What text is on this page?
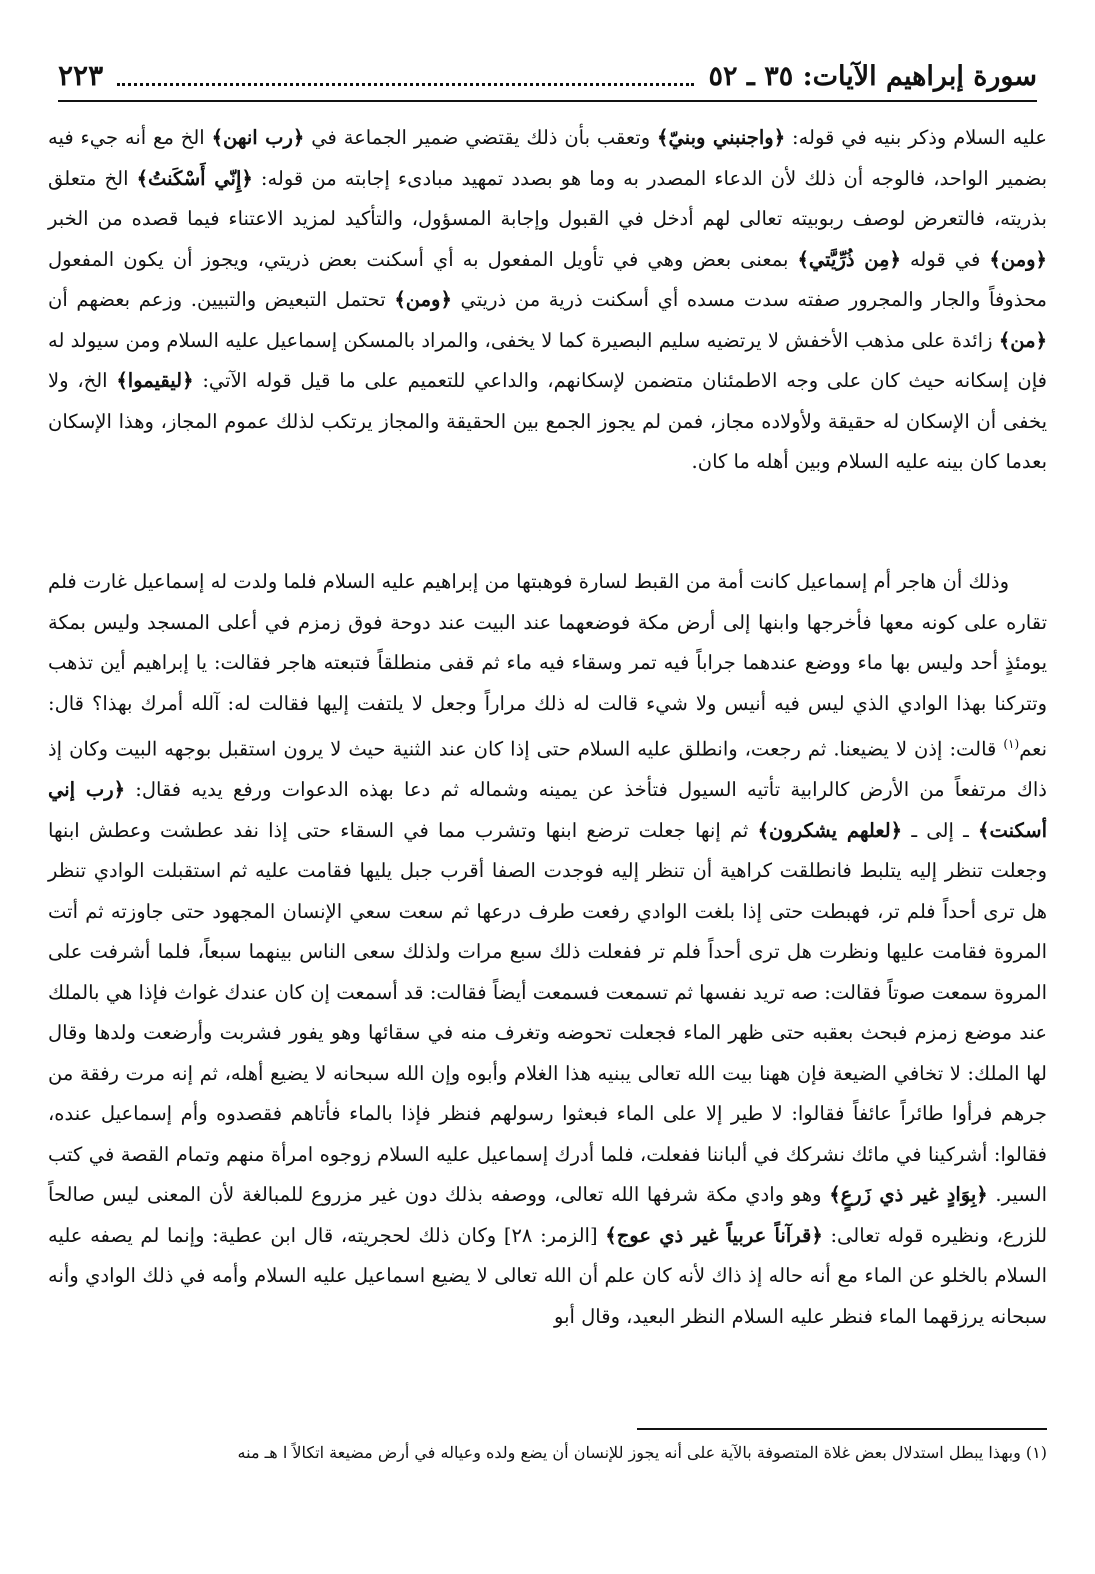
سورة إبراهيم الآيات: ٣٥ ـ ٥٢
٢٢٣

عليه السلام وذكر بنيه في قوله: ﴿واجنبني وبنيّ﴾ وتعقب بأن ذلك يقتضي ضمير الجماعة في ﴿رب انهن﴾ الخ مع أنه جيء فيه بضمير الواحد، فالوجه أن ذلك لأن الدعاء المصدر به وما هو بصدد تمهيد مبادىء إجابته من قوله: ﴿إِنّي أَسْكَنتُ﴾ الخ متعلق بذريته، فالتعرض لوصف ربوبيته تعالى لهم أدخل في القبول وإجابة المسؤول، والتأكيد لمزيد الاعتناء فيما قصده من الخبر ﴿ومن﴾ في قوله ﴿مِن ذُرِّيَّتي﴾ بمعنى بعض وهي في تأويل المفعول به أي أسكنت بعض ذريتي، ويجوز أن يكون المفعول محذوفاً والجار والمجرور صفته سدت مسده أي أسكنت ذرية من ذريتي ﴿ومن﴾ تحتمل التبعيض والتبيين. وزعم بعضهم أن ﴿من﴾ زائدة على مذهب الأخفش لا يرتضيه سليم البصيرة كما لا يخفى، والمراد بالمسكن إسماعيل عليه السلام ومن سيولد له فإن إسكانه حيث كان على وجه الاطمئنان متضمن لإسكانهم، والداعي للتعميم على ما قيل قوله الآتي: ﴿ليقيموا﴾ الخ، ولا يخفى أن الإسكان له حقيقة ولأولاده مجاز، فمن لم يجوز الجمع بين الحقيقة والمجاز يرتكب لذلك عموم المجاز، وهذا الإسكان بعدما كان بينه عليه السلام وبين أهله ما كان.

وذلك أن هاجر أم إسماعيل كانت أمة من القبط لسارة فوهبتها من إبراهيم عليه السلام فلما ولدت له إسماعيل غارت فلم تقاره على كونه معها فأخرجها وابنها إلى أرض مكة فوضعهما عند البيت عند دوحة فوق زمزم في أعلى المسجد وليس بمكة يومئذٍ أحد وليس بها ماء ووضع عندهما جراباً فيه تمر وسقاء فيه ماء ثم قفى منطلقاً فتبعته هاجر فقالت: يا إبراهيم أين تذهب وتتركنا بهذا الوادي الذي ليس فيه أنيس ولا شيء قالت له ذلك مراراً وجعل لا يلتفت إليها فقالت له: آلله أمرك بهذا؟ قال: نعم$^{(١)}$ قالت: إذن لا يضيعنا. ثم رجعت، وانطلق عليه السلام حتى إذا كان عند الثنية حيث لا يرون استقبل بوجهه البيت وكان إذ ذاك مرتفعاً من الأرض كالرابية تأتيه السيول فتأخذ عن يمينه وشماله ثم دعا بهذه الدعوات ورفع يديه فقال: ﴿رب إني أسكنت﴾ ـ إلى ـ ﴿لعلهم يشكرون﴾ ثم إنها جعلت ترضع ابنها وتشرب مما في السقاء حتى إذا نفد عطشت وعطش ابنها وجعلت تنظر إليه يتلبط فانطلقت كراهية أن تنظر إليه فوجدت الصفا أقرب جبل يليها فقامت عليه ثم استقبلت الوادي تنظر هل ترى أحداً فلم تر، فهبطت حتى إذا بلغت الوادي رفعت طرف درعها ثم سعت سعي الإنسان المجهود حتى جاوزته ثم أتت المروة فقامت عليها ونظرت هل ترى أحداً فلم تر ففعلت ذلك سبع مرات ولذلك سعى الناس بينهما سبعاً، فلما أشرفت على المروة سمعت صوتاً فقالت: صه تريد نفسها ثم تسمعت فسمعت أيضاً فقالت: قد أسمعت إن كان عندك غواث فإذا هي بالملك عند موضع زمزم فبحث بعقبه حتى ظهر الماء فجعلت تحوضه وتغرف منه في سقائها وهو يفور فشربت وأرضعت ولدها وقال لها الملك: لا تخافي الضيعة فإن ههنا بيت الله تعالى يبنيه هذا الغلام وأبوه وإن الله سبحانه لا يضيع أهله، ثم إنه مرت رفقة من جرهم فرأوا طائراً عائفاً فقالوا: لا طير إلا على الماء فبعثوا رسولهم فنظر فإذا بالماء فأتاهم فقصدوه وأم إسماعيل عنده، فقالوا: أشركينا في مائك نشركك في ألباننا ففعلت، فلما أدرك إسماعيل عليه السلام زوجوه امرأة منهم وتمام القصة في كتب السير. ﴿بِوَادٍ غير ذي زَرعٍ﴾ وهو وادي مكة شرفها الله تعالى، ووصفه بذلك دون غير مزروع للمبالغة لأن المعنى ليس صالحاً للزرع، ونظيره قوله تعالى: ﴿قرآناً عربياً غير ذي عوج﴾ [الزمر: ٢٨] وكان ذلك لحجريته، قال ابن عطية: وإنما لم يصفه عليه السلام بالخلو عن الماء مع أنه حاله إذ ذاك لأنه كان علم أن الله تعالى لا يضيع اسماعيل عليه السلام وأمه في ذلك الوادي وأنه سبحانه يرزقهما الماء فنظر عليه السلام النظر البعيد، وقال أبو

(١) وبهذا يبطل استدلال بعض غلاة المتصوفة بالآية على أنه يجوز للإنسان أن يضع ولده وعياله في أرض مضيعة اتكالاً ا هـ منه
